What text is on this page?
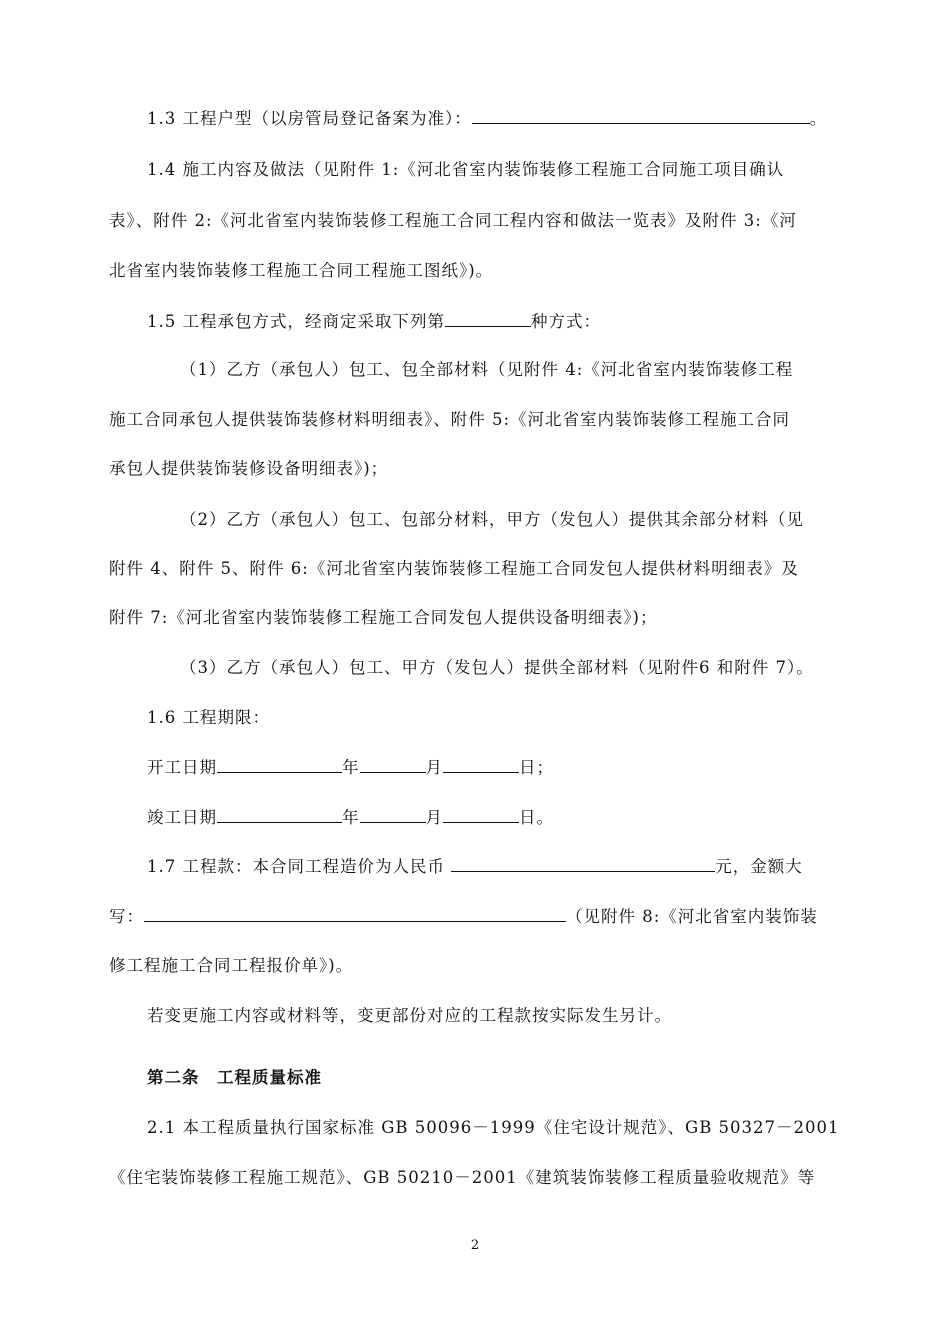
1.3 工程户型（以房管局登记备案为准）：	。
1.4 施工内容及做法（见附件 1:《河北省室内装饰装修工程施工合同施工项目确认
表》、附件 2:《河北省室内装饰装修工程施工合同工程内容和做法一览表》及附件 3:《河
北省室内装饰装修工程施工合同工程施工图纸》)。
1.5 工程承包方式，经商定采取下列第	种方式：
（1）乙方（承包人）包工、包全部材料（见附件 4:《河北省室内装饰装修工程
施工合同承包人提供装饰装修材料明细表》、附件 5:《河北省室内装饰装修工程施工合同
承包人提供装饰装修设备明细表》)；
（2）乙方（承包人）包工、包部分材料，甲方（发包人）提供其余部分材料（见
附件 4、附件 5、附件 6:《河北省室内装饰装修工程施工合同发包人提供材料明细表》及
附件 7:《河北省室内装饰装修工程施工合同发包人提供设备明细表》)；
（3）乙方（承包人）包工、甲方（发包人）提供全部材料（见附件6 和附件 7）。
1.6 工程期限：
开工日期	年	月	日；
竣工日期	年	月	日。
1.7 工程款：本合同工程造价为人民币	元，金额大
写：	（见附件 8:《河北省室内装饰装
修工程施工合同工程报价单》)。
若变更施工内容或材料等，变更部份对应的工程款按实际发生另计。
第二条　工程质量标准
2.1 本工程质量执行国家标准 GB 50096－1999《住宅设计规范》、GB 50327－2001
《住宅装饰装修工程施工规范》、GB 50210－2001《建筑装饰装修工程质量验收规范》等
2
